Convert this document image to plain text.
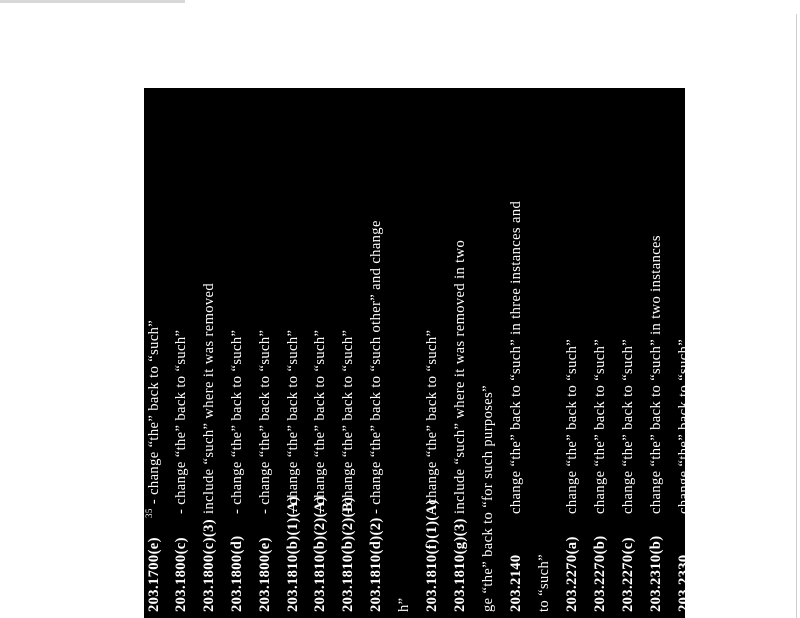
$203.1700(e)^{35}$ - change “the” back to “such”
203.1800(c) - change “the” back to “such”
203.1800(c)(3) include “such” where it was removed
203.1800(d) - change “the” back to “such”
203.1800(e) - change “the” back to “such”
203.1810(b)(1)(A) - change “the” back to “such”
203.1810(b)(2)(A) - change “the” back to “such”
203.1810(b)(2)(B) - change “the” back to “such”
203.1810(d)(2) - change “the” back to “such other” and change
h” 203.1810(f)(1)(A) - change “the” back to “such”
203.1810(g)(3) include “such” where it was removed in two ge “the” back to “for such purposes” 203.2140 change “the” back to “such” in three instances and
to “such” 203.2270(a) change “the” back to “such”
203.2270(b) change “the” back to “such”
203.2270(c) change “the” back to “such”
203.2310(b) change “the” back to “such” in two instances
203.2330 change “the” back to “such”
